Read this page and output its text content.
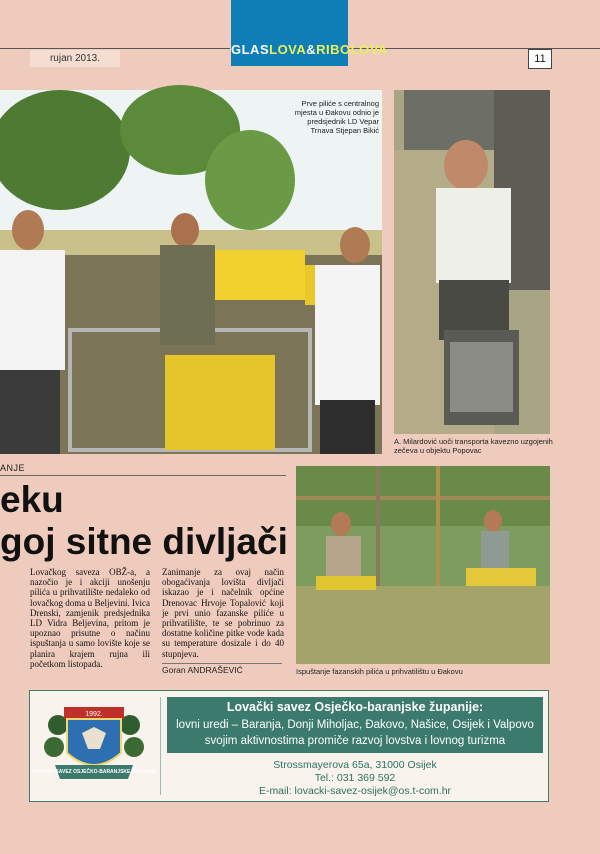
rujan 2013.
GLASLOVA&RIBOLOVA
11
Prve piliće s centralnog mjesta u Đakovu odnio je predsjednik LD Vepar Trnava Stjepan Bikić
A. Milardović uoči transporta kavezno uzgojenih zečeva u objektu Popovac
ANJE
eku
goj sitne divljači
Lovačkog saveza OBŽ-a, a nazočio je i akciji unošenju pilića u prihvatilište nedaleko od lovačkog doma u Beljevini. Ivica Drenski, zamjenik predsjednika LD Vidra Beljevina, pritom je upoznao prisutne o načinu ispuštanja u samo lovište koje se planira krajem rujna ili početkom listopada.
Zanimanje za ovaj način obogaćivanja lovišta divljači iskazao je i načelnik općine Drenovac Hrvoje Topalović koji je prvi unio fazanske piliće u prihvatilište, te se pobrinuo za dostatne količine pitke vode kada su temperature dosizale i do 40 stupnjeva.
Goran ANDRAŠEVIĆ	Ispuštanje fazanskih pilića u prihvatilištu u Đakovu
1992.
LOVAČKI SAVEZ OSJEČKO-BARANJSKE ŽUPANIJE
Lovački savez Osječko-baranjske županije:
lovni uredi – Baranja, Donji Miholjac, Đakovo, Našice, Osijek i Valpovo
svojim aktivnostima promiče razvoj lovstva i lovnog turizma
Strossmayerova 65a, 31000 Osijek
Tel.: 031 369 592
E-mail: lovacki-savez-osijek@os.t-com.hr
